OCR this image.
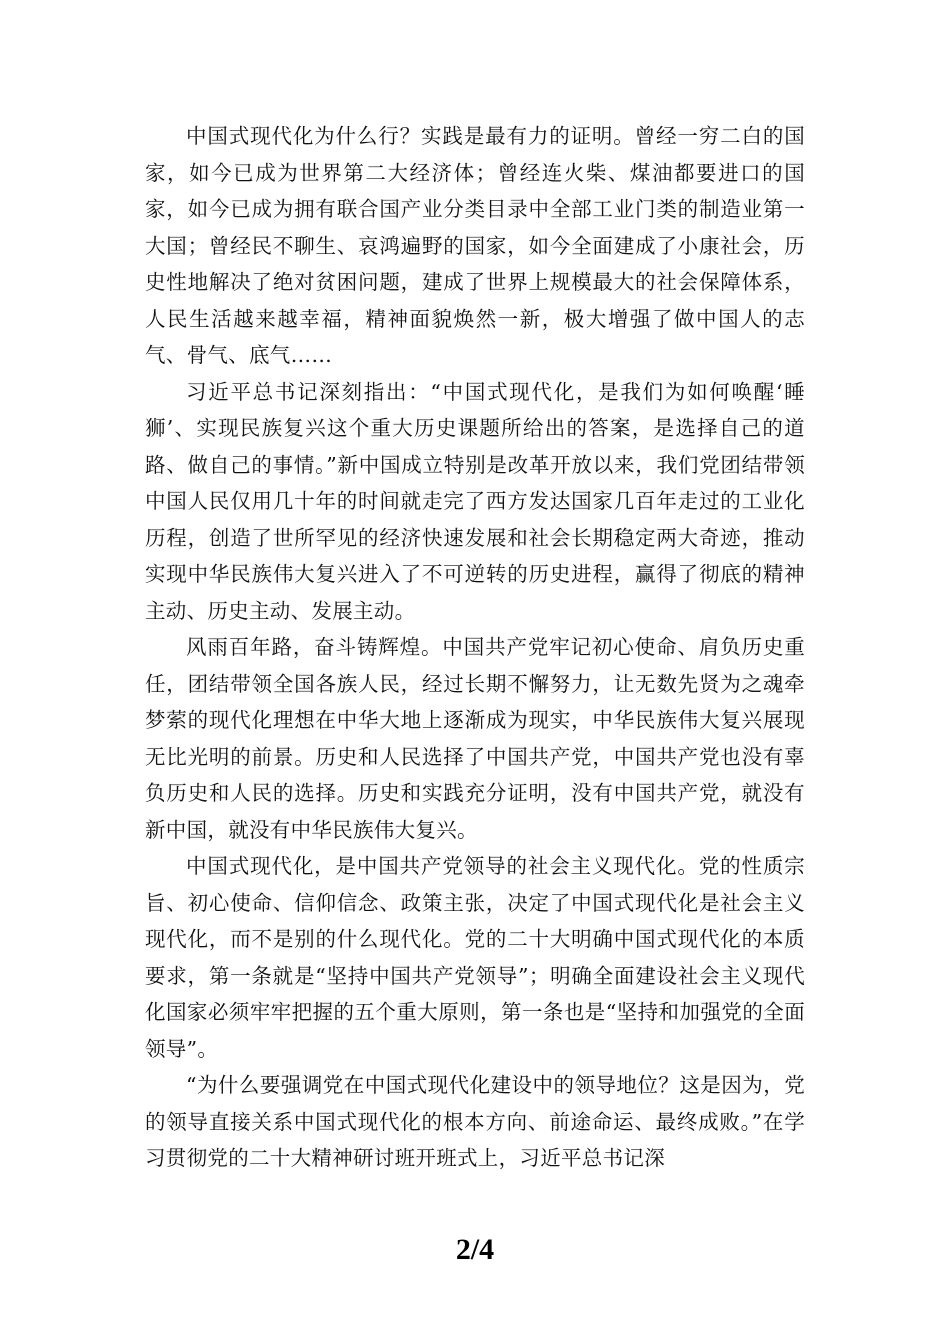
中国式现代化为什么行？实践是最有力的证明。曾经一穷二白的国家，如今已成为世界第二大经济体；曾经连火柴、煤油都要进口的国家，如今已成为拥有联合国产业分类目录中全部工业门类的制造业第一大国；曾经民不聊生、哀鸿遍野的国家，如今全面建成了小康社会，历史性地解决了绝对贫困问题，建成了世界上规模最大的社会保障体系，人民生活越来越幸福，精神面貌焕然一新，极大增强了做中国人的志气、骨气、底气……

习近平总书记深刻指出：“中国式现代化，是我们为如何唤醒‘睡狮’、实现民族复兴这个重大历史课题所给出的答案，是选择自己的道路、做自己的事情。”新中国成立特别是改革开放以来，我们党团结带领中国人民仅用几十年的时间就走完了西方发达国家几百年走过的工业化历程，创造了世所罕见的经济快速发展和社会长期稳定两大奇迹，推动实现中华民族伟大复兴进入了不可逆转的历史进程，赢得了彻底的精神主动、历史主动、发展主动。

风雨百年路，奋斗铸辉煌。中国共产党牢记初心使命、肩负历史重任，团结带领全国各族人民，经过长期不懈努力，让无数先贤为之魂牵梦萦的现代化理想在中华大地上逐渐成为现实，中华民族伟大复兴展现无比光明的前景。历史和人民选择了中国共产党，中国共产党也没有辜负历史和人民的选择。历史和实践充分证明，没有中国共产党，就没有新中国，就没有中华民族伟大复兴。

中国式现代化，是中国共产党领导的社会主义现代化。党的性质宗旨、初心使命、信仰信念、政策主张，决定了中国式现代化是社会主义现代化，而不是别的什么现代化。党的二十大明确中国式现代化的本质要求，第一条就是“坚持中国共产党领导”；明确全面建设社会主义现代化国家必须牢牢把握的五个重大原则，第一条也是“坚持和加强党的全面领导”。

“为什么要强调党在中国式现代化建设中的领导地位？这是因为，党的领导直接关系中国式现代化的根本方向、前途命运、最终成败。”在学习贯彻党的二十大精神研讨班开班式上，习近平总书记深

2/4
